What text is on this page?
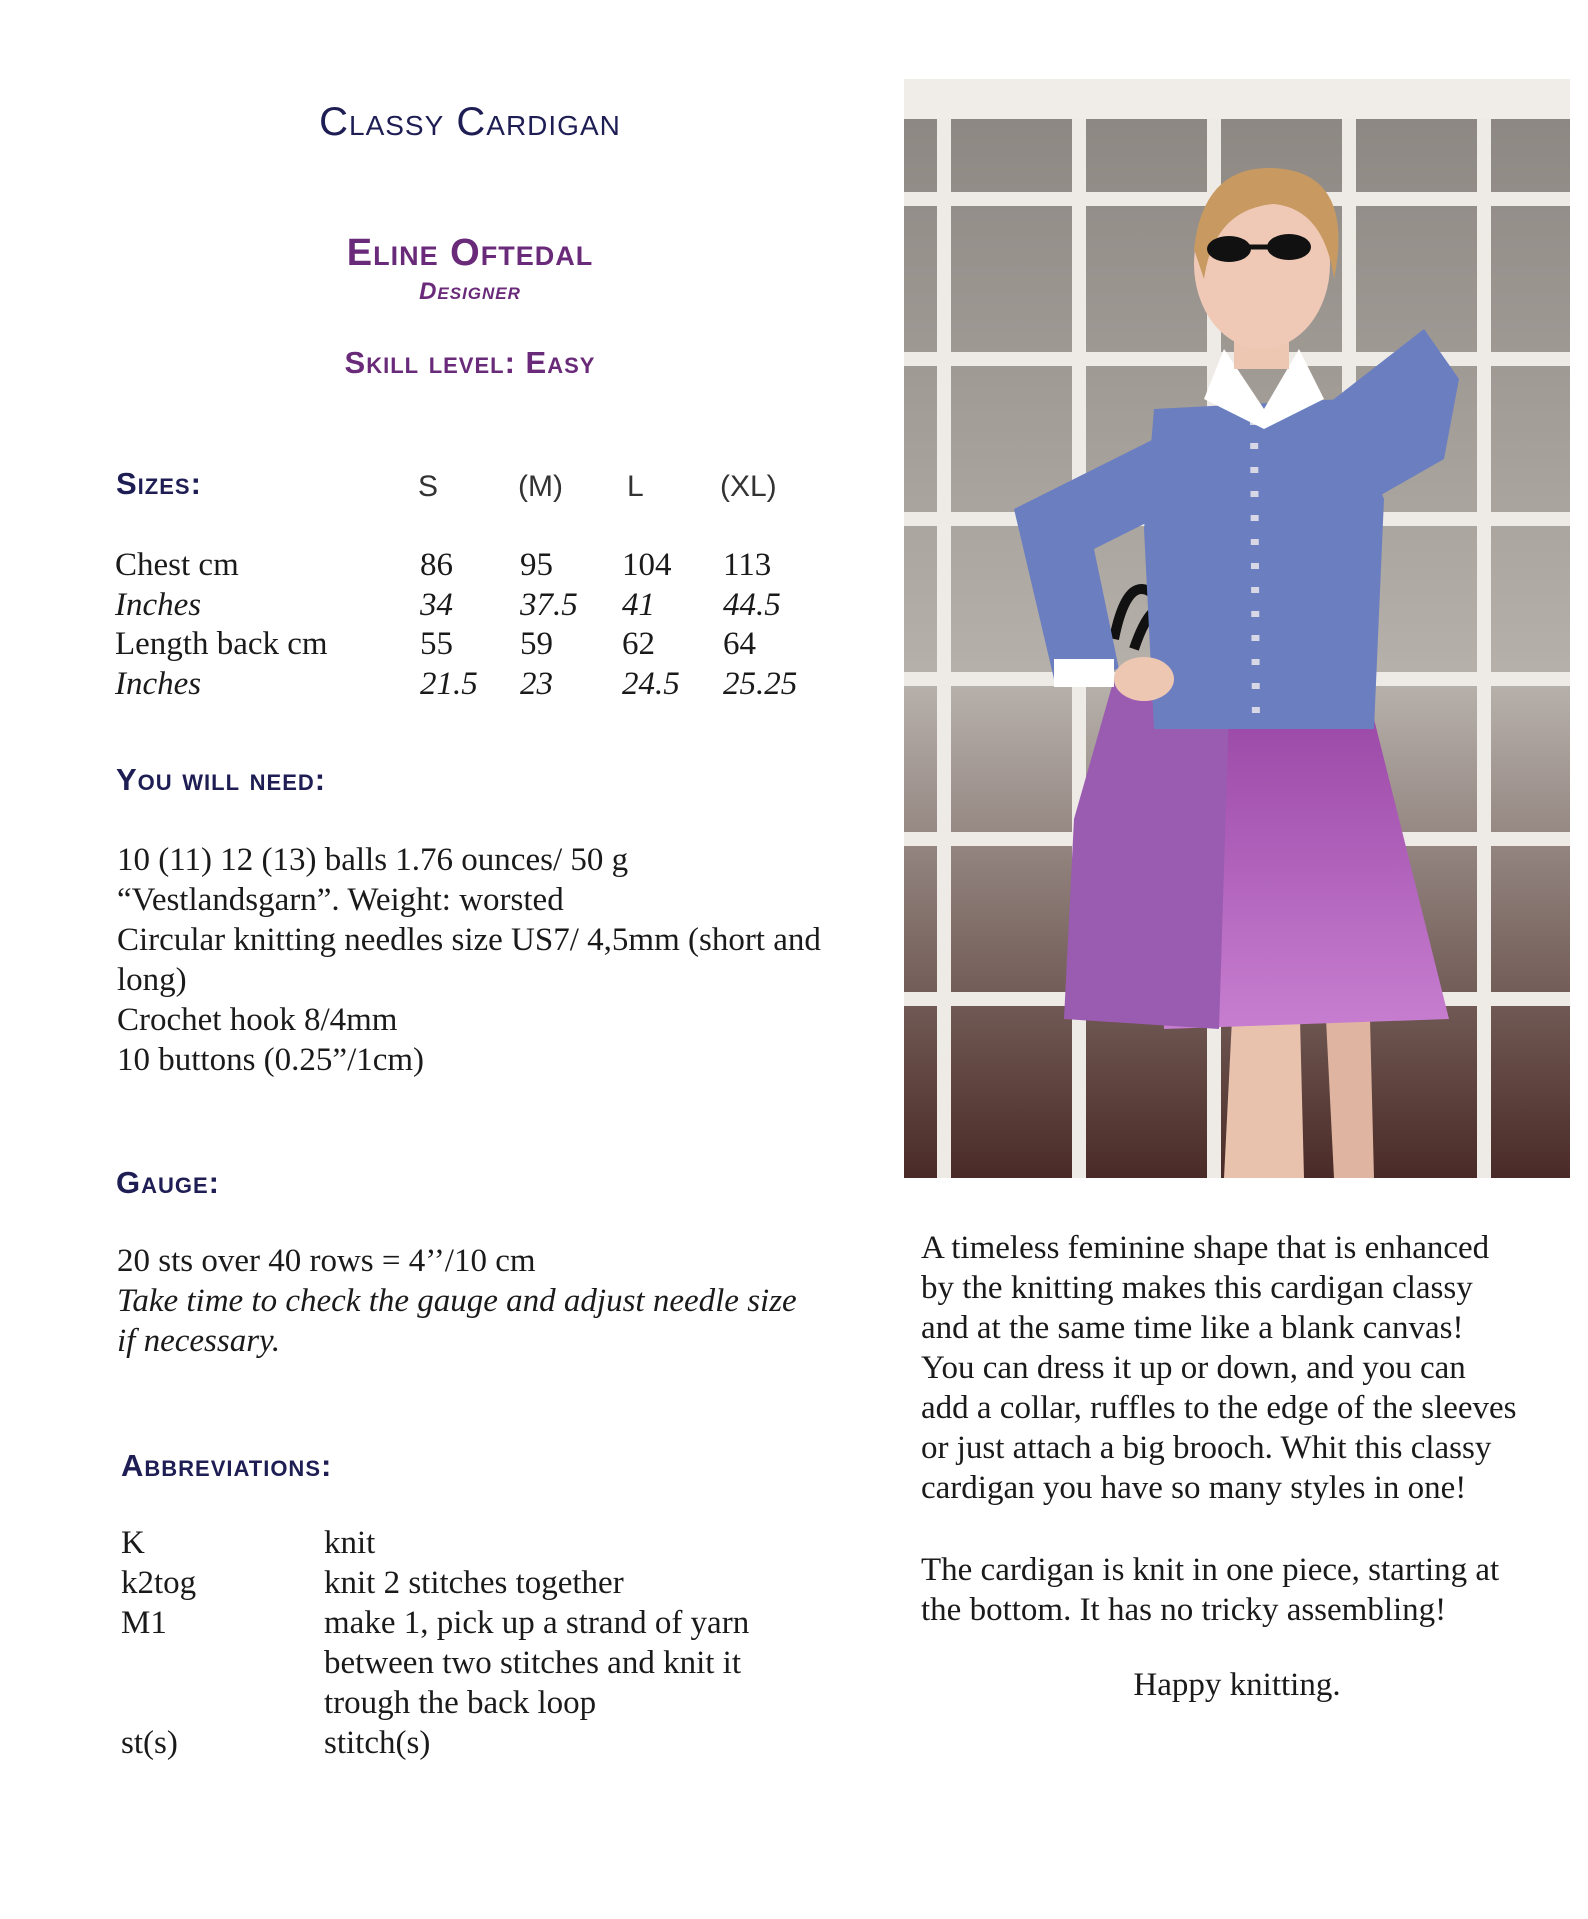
Classy Cardigan
Eline Oftedal
Designer
Skill level: Easy
Sizes:	S	(M) L	(XL)
Chest cm	86 95 104 113
Inches	34 37.5 41 44.5
Length back cm	55 59 62 64
Inches	21.5 23 24.5 25.25
You will need:
10 (11) 12 (13) balls 1.76 ounces/ 50 g
“Vestlandsgarn”. Weight: worsted
Circular knitting needles size US7/ 4,5mm (short and
long)
Crochet hook 8/4mm
10 buttons (0.25”/1cm)
Gauge:
20 sts over 40 rows = 4’’/10 cm
Take time to check the gauge and adjust needle size
if necessary.
Abbreviations:
K	knit
k2tog	knit 2 stitches together
M1	make 1, pick up a strand of yarn
between two stitches and knit it
trough the back loop
st(s)	stitch(s)
A timeless feminine shape that is enhanced
by the knitting makes this cardigan classy
and at the same time like a blank canvas!
You can dress it up or down, and you can
add a collar, ruffles to the edge of the sleeves
or just attach a big brooch. Whit this classy
cardigan you have so many styles in one!
The cardigan is knit in one piece, starting at
the bottom. It has no tricky assembling!
Happy knitting.
